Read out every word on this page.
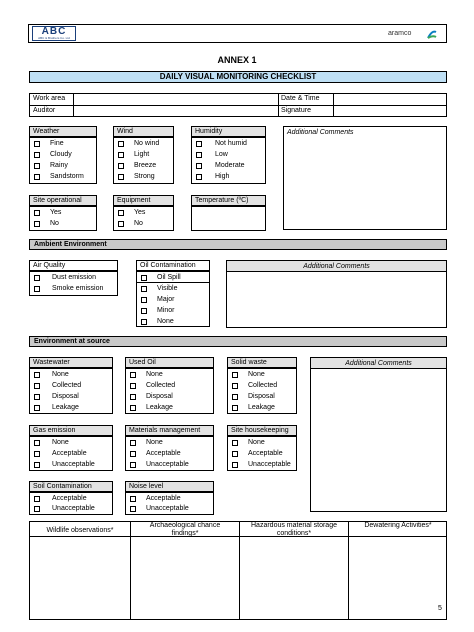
ABC
ABC & Brothers Co. Ltd
aramco
ANNEX 1
DAILY VISUAL MONITORING CHECKLIST
Work area
Auditor
Date & Time
Signature
Weather
Fine
Cloudy
Rainy
Sandstorm
Wind
No wind
Light
Breeze
Strong
Humidity
Not humid
Low
Moderate
High
Additional Comments
Site operational
Yes
No
Equipment
Yes
No
Temperature (ºC)
Ambient Environment
Air Quality
Dust emission
Smoke emission
Oil Contamination
Oil Spill
Visible
Major
Minor
None
Additional Comments
Environment at source
Wastewater
None
Collected
Disposal
Leakage
Used Oil
None
Collected
Disposal
Leakage
Solid waste
None
Collected
Disposal
Leakage
Additional Comments
Gas emission
None
Acceptable
Unacceptable
Materials management
None
Acceptable
Unacceptable
Site housekeeping
None
Acceptable
Unacceptable
Soil Contamination
Acceptable
Unacceptable
Noise level
Acceptable
Unacceptable
Wildlife observations*
Archaeological chance
findings*
Hazardous material storage
conditions*
Dewatering Activities*
5
